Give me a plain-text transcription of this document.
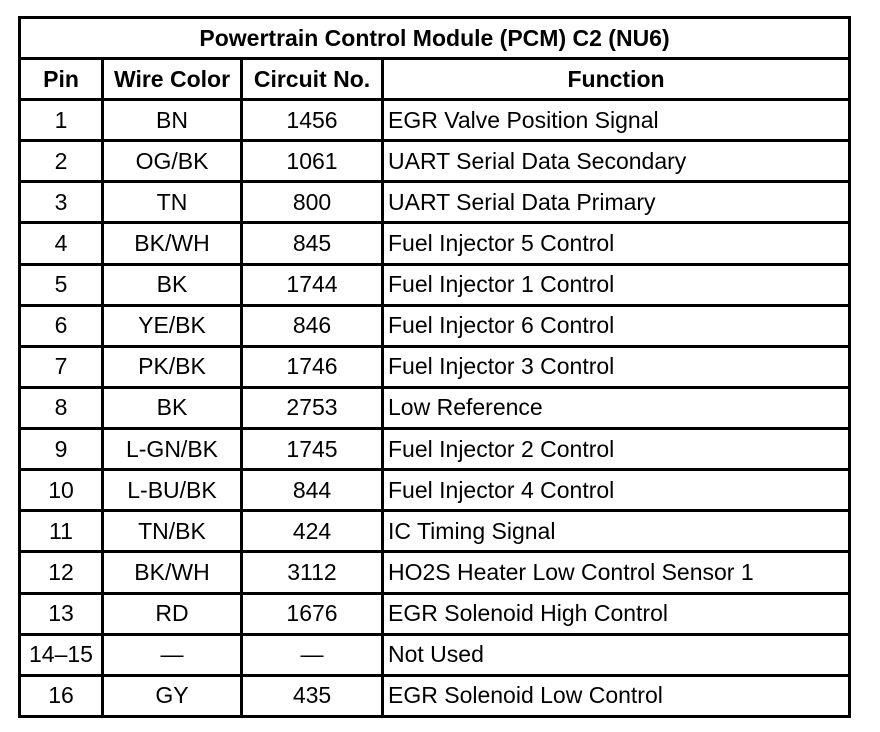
Powertrain Control Module (PCM) C2 (NU6)			
Pin	Wire Color	Circuit No.	Function
1	BN	1456	EGR Valve Position Signal
2	OG/BK	1061	UART Serial Data Secondary
3	TN	800	UART Serial Data Primary
4	BK/WH	845	Fuel Injector 5 Control
5	BK	1744	Fuel Injector 1 Control
6	YE/BK	846	Fuel Injector 6 Control
7	PK/BK	1746	Fuel Injector 3 Control
8	BK	2753	Low Reference
9	L-GN/BK	1745	Fuel Injector 2 Control
10	L-BU/BK	844	Fuel Injector 4 Control
11	TN/BK	424	IC Timing Signal
12	BK/WH	3112	HO2S Heater Low Control Sensor 1
13	RD	1676	EGR Solenoid High Control
14–15	—	—	Not Used
16	GY	435	EGR Solenoid Low Control
